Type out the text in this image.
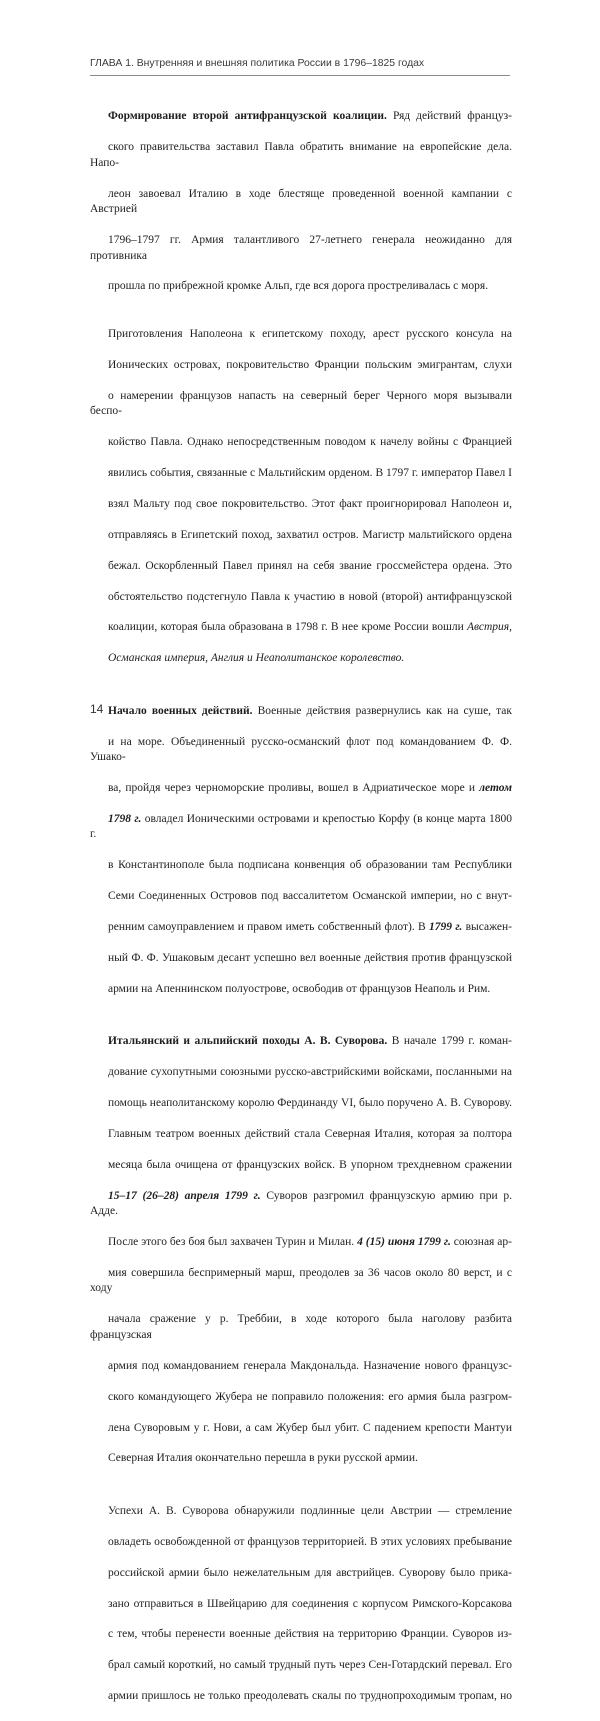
ГЛАВА 1. Внутренняя и внешняя политика России в 1796–1825 годах

Формирование второй антифранцузской коалиции. Ряд действий француз-

ского правительства заставил Павла обратить внимание на европейские дела. Напо-

леон завоевал Италию в ходе блестяще проведенной военной кампании с Австрией

1796–1797 гг. Армия талантливого 27-летнего генерала неожиданно для противника

прошла по прибрежной кромке Альп, где вся дорога простреливалась с моря.

Приготовления Наполеона к египетскому походу, арест русского консула на

Ионических островах, покровительство Франции польским эмигрантам, слухи

о намерении французов напасть на северный берег Черного моря вызывали беспо-

койство Павла. Однако непосредственным поводом к начелу войны с Францией

явились события, связанные с Мальтийским орденом. В 1797 г. император Павел I

взял Мальту под свое покровительство. Этот факт проигнорировал Наполеон и,

отправляясь в Египетский поход, захватил остров. Магистр мальтийского ордена

бежал. Оскорбленный Павел принял на себя звание гроссмейстера ордена. Это

обстоятельство подстегнуло Павла к участию в новой (второй) антифранцузской

коалиции, которая была образована в 1798 г. В нее кроме России вошли Австрия,

Османская империя, Англия и Неаполитанское королевство.

Начало военных действий. Военные действия развернулись как на суше, так

и на море. Объединенный русско-османский флот под командованием Ф. Ф. Ушако-

ва, пройдя через черноморские проливы, вошел в Адриатическое море и летом

1798 г. овладел Ионическими островами и крепостью Корфу (в конце марта 1800 г.

в Константинополе была подписана конвенция об образовании там Республики

Семи Соединенных Островов под вассалитетом Османской империи, но с внут-

ренним самоуправлением и правом иметь собственный флот). В 1799 г. высажен-

ный Ф. Ф. Ушаковым десант успешно вел военные действия против французской

армии на Апеннинском полуострове, освободив от французов Неаполь и Рим.

Итальянский и альпийский походы А. В. Суворова. В начале 1799 г. коман-

дование сухопутными союзными русско-австрийскими войсками, посланными на

помощь неаполитанскому королю Фердинанду VI, было поручено А. В. Суворову.

Главным театром военных действий стала Северная Италия, которая за полтора

месяца была очищена от французских войск. В упорном трехдневном сражении

15–17 (26–28) апреля 1799 г. Суворов разгромил французскую армию при р. Адде.

После этого без боя был захвачен Турин и Милан. 4 (15) июня 1799 г. союзная ар-

мия совершила беспримерный марш, преодолев за 36 часов около 80 верст, и с ходу

начала сражение у р. Треббии, в ходе которого была наголову разбита французская

армия под командованием генерала Макдональда. Назначение нового французс-

ского командующего Жубера не поправило положения: его армия была разгром-

лена Суворовым у г. Нови, а сам Жубер был убит. С падением крепости Мантуи

Северная Италия окончательно перешла в руки русской армии.

Успехи А. В. Суворова обнаружили подлинные цели Австрии — стремление

овладеть освобожденной от французов территорией. В этих условиях пребывание

российской армии было нежелательным для австрийцев. Суворову было прика-

зано отправиться в Швейцарию для соединения с корпусом Римского-Корсакова

с тем, чтобы перенести военные действия на территорию Франции. Суворов из-

брал самый короткий, но самый трудный путь через Сен-Готардский перевал. Его

армии пришлось не только преодолевать скалы по труднопроходимым тропам, но

14
